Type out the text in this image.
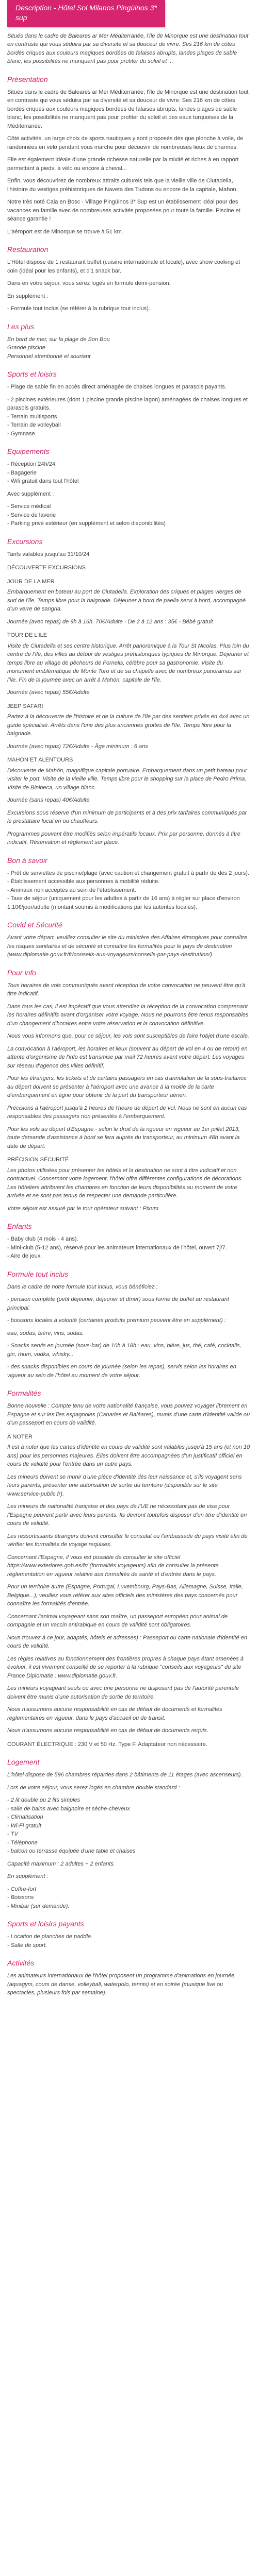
Description - Hôtel Sol Milanos Pingüinos 3*
sup

Situés dans le cadre de Baleares ar Mer Méditerranée, l'île de Minorque est une destination tout en contraste qui vous séduira par sa diversité et sa douceur de vivre. Ses 216 km de côtes bordés criques aux couleurs magiques bordées de falaises abrupts, landes plages de sable blanc, les possibilités ne manquent pas pour profiter du soleil et ...

Présentation

Situés dans le cadre de Baleares ar Mer Méditerranée, l'île de Minorque est une destination tout en contraste qui vous séduira par sa diversité et sa douceur de vivre. Ses 216 km de côtes bordés criques aux couleurs magiques bordées de falaises abrupts, landes plages de sable blanc, les possibilités ne manquent pas pour profiter du soleil et des eaux turquoises de la Méditerranée.

Côté activités, un large choix de sports nautiques y sont proposés dès que plonche à voile, de randonnées en vélo pendant vous marche pour découvrir de nombreuses lieux de charmes.

Elle est également idéale d'une grande richesse naturelle par la mixité et riches à en rapport permettant à pieds, à vélo ou encore à cheval...

Enfin, vous découvrirez de nombreux attraits culturels tels que la vieille ville de Ciutadella, l'histoire du vestiges préhistoriques de Naveta des Tudons ou encore de la capitale, Mahon.

Notre très noté Cala en Bosc - Village Pingüinos 3* Sup est un établissement idéal pour des vacances en famille avec de nombreuses activités proposées pour toute la famille. Piscine et séance garantie !

L'aéroport est de Minorque se trouve à 51 km.

Restauration

L'Hôtel dispose de 1 restaurant buffet (cuisine internationale et locale), avec show cooking et coin (idéal pour les enfants), et d'1 snack bar.

Dans en votre séjour, vous serez logés en formule demi-pension.

En supplément :

- Formule tout inclus (se référer à la rubrique tout inclus).

Les plus
En bord de mer, sur la plage de Son Bou
Grande piscine
Personnel attentionné et souriant
Sports et loisirs

- Plage de sable fin en accès direct aménagée de chaises longues et parasols payants.

- 2 piscines extérieures (dont 1 piscine grande piscine lagon) aménagées de chaises longues et parasols gratuits.
- Terrain multisports
- Terrain de volleyball
- Gymnase
Equipements
- Réception 24h/24
- Bagagerie
- Wifi gratuit dans tout l'hôtel

Avec supplément :

- Service médical
- Service de laverie
- Parking privé extérieur (en supplément et selon disponibilités)
Excursions

Tarifs valables jusqu'au 31/10/24

DÉCOUVERTE EXCURSIONS

JOUR DE LA MER

Embarquement en bateau au port de Ciutadella. Exploration des criques et plages vierges de sud de l'île. Temps libre pour la baignade. Déjeuner à bord de paella servi à bord, accompagné d'un verre de sangria.

Journée (avec repas) de 9h à 16h. 70€/Adulte - De 2 à 12 ans : 35€ - Bébé gratuit

TOUR DE L'ILE

Visite de Ciutadella et ses centre historique. Arrêt panoramique à la Tour St Nicolas. Plus loin du centre de l'île, des villes au détour de vestiges préhistoriques typiques de Minorque. Déjeuner et temps libre au village de pêcheurs de Fornells, célèbre pour sa gastronomie. Visite du monument emblématique de Monte Toro et de sa chapelle avec de nombreux panoramas sur l'île. Fin de la journée avec un arrêt à Mahón, capitale de l'île.

Journée (avec repas) 55€/Adulte

JEEP SAFARI

Partez à la découverte de l'histoire et de la culture de l'île par des sentiers privés en 4x4 avec un guide spécialisé. Arrêts dans l'une des plus anciennes grottes de l'île. Temps libre pour la baignade.

Journée (avec repas) 72€/Adulte - Âge minimum : 6 ans

MAHON ET ALENTOURS

Découverte de Mahón, magnifique capitale portuaire. Embarquement dans un petit bateau pour visiter le port. Visite de la vieille ville. Temps libre pour le shopping sur la place de Pedro Prima. Visite de Binibeca, un village blanc.

Journée (sans repas) 40€/Adulte

Excursions sous réserve d'un minimum de participants et à des prix tarifaires communiqués par le prestataire local en ou chauffeurs.

Programmes pouvant être modifiés selon impératifs locaux. Prix par personne, donnés à titre indicatif. Réservation et règlement sur place.

Bon à savoir
- Prêt de serviettes de piscine/plage (avec caution et changement gratuit à partir de dès 2 jours).
- Établissement accessible aux personnes à mobilité réduite.
- Animaux non acceptés au sein de l'établissement.
- Taxe de séjour (uniquement pour les adultes à partir de 16 ans) à régler sur place d'environ 1,10€/jour/adulte (montant soumis à modifications par les autorités locales).
Covid et Sécurité

Avant votre départ, veuillez consulter le site du ministère des Affaires étrangères pour connaître les risques sanitaires et de sécurité et connaître les formalités pour le pays de destination (www.diplomatie.gouv.fr/fr/conseils-aux-voyageurs/conseils-par-pays-destination/)

Pour info

Tous horaires de vols communiqués avant réception de votre convocation ne peuvent être qu'à titre indicatif.

Dans tous les cas, il est impératif que vous attendiez la réception de la convocation comprenant les horaires définitifs avant d'organiser votre voyage. Nous ne pourrons être tenus responsables d'un changement d'horaires entre votre réservation et la convocation définitive.

Nous vous informons que, pour ce séjour, les vols sont susceptibles de faire l'objet d'une escale.

La convocation à l'aéroport, les horaires et lieux (souvent au départ de vol en 4 ou de retour) en attente d'organisme de l'info est transmise par mail 72 heures avant votre départ. Les voyages sur réseau d'agence des villes définitif.

Pour les étrangers, les tickets et de certains passagers en cas d'annulation de la sous-traitance au départ doivent se présenter à l'aéroport avec une avance à la moitié de la carte d'embarquement en ligne pour obtenir de la part du transporteur aérien.

Précisions à l'aéroport jusqu'à 2 heures de l'heure de départ de vol. Nous ne sont en aucun cas responsables des passagers non présentés à l'embarquement.

Pour les vols au départ d'Espagne - selon le droit de la rigueur en vigueur au 1er juillet 2013, toute demande d'assistance à bord se fera auprès du transporteur, au minimum 48h avant la date de départ.

PRÉCISION SÉCURITÉ

Les photos utilisées pour présenter les hôtels et la destination ne sont à titre indicatif et non contractuel. Concernant votre logement, l'hôtel offre différentes configurations de décorations. Les hôteliers attribuent les chambres en fonction de leurs disponibilités au moment de votre arrivée et ne sont pas tenus de respecter une demande particulière.

Votre séjour est assuré par le tour opérateur suivant : Pixum

Enfants
- Baby club (4 mois - 4 ans).
- Mini-club (5-12 ans), réservé pour les animateurs internationaux de l'hôtel, ouvert 7j/7.
- Aire de jeux.
Formule tout inclus

Dans le cadre de notre formule tout inclus, vous bénéficiez :

- pension complète (petit déjeuner, déjeuner et dîner) sous forme de buffet au restaurant principal.

- boissons locales à volonté (certaines produits premium peuvent être en supplément) :

eau, sodas, bière, vins, sodas.

- Snacks servis en journée (sous-bar) de 10h à 18h : eau, vins, bière, jus, thé, café, cocktails, gin, rhum, vodka, whisky...

- des snacks disponibles en cours de journée (selon les repas), servis selon les horaires en vigueur au sein de l'hôtel au moment de votre séjour.

Formalités

Bonne nouvelle : Compte tenu de votre nationalité française, vous pouvez voyager librement en Espagne et sur les îles espagnoles (Canaries et Baléares), munis d'une carte d'identité valide ou d'un passeport en cours de validité.

À NOTER

Il est à noter que les cartes d'identité en cours de validité sont valables jusqu'à 15 ans (et non 10 ans) pour les personnes majeures. Elles doivent être accompagnées d'un justificatif officiel en cours de validité pour l'entrée dans un autre pays.

Les mineurs doivent se munir d'une pièce d'identité dès leur naissance et, s'ils voyagent sans leurs parents, présenter une autorisation de sortie du territoire (disponible sur le site www.service-public.fr).

Les mineurs de nationalité française et des pays de l'UE ne nécessitant pas de visa pour l'Espagne peuvent partir avec leurs parents. Ils devront toutefois disposer d'un titre d'identité en cours de validité.

Les ressortissants étrangers doivent consulter le consulat ou l'ambassade du pays visité afin de vérifier les formalités de voyage requises.

Concernant l'Espagne, il vous est possible de consulter le site officiel https://www.exteriores.gob.es/fr/ (formalités voyageurs) afin de consulter la présente réglementation en vigueur relative aux formalités de santé et d'entrée dans le pays.

Pour un territoire autre (Espagne, Portugal, Luxembourg, Pays-Bas, Allemagne, Suisse, Italie, Belgique...), veuillez vous référer aux sites officiels des ministères des pays concernés pour connaître les formalités d'entrée.

Concernant l'animal voyageant sans son maître, un passeport européen pour animal de compagnie et un vaccin antirabique en cours de validité sont obligatoires.

Nous trouvez à ce jour, adaptés, hôtels et adresses) : Passeport ou carte nationale d'identité en cours de validité.

Les règles relatives au fonctionnement des frontières propres à chaque pays étant amenées à évoluer, il est vivement conseillé de se reporter à la rubrique "conseils aux voyageurs" du site France Diplomatie : www.diplomatie.gouv.fr.

Les mineurs voyageant seuls ou avec une personne ne disposant pas de l'autorité parentale doivent être munis d'une autorisation de sortie de territoire.

Nous n'assumons aucune responsabilité en cas de défaut de documents et formalités réglementaires en vigueur, dans le pays d'accueil ou de transit.

Nous n'assumons aucune responsabilité en cas de défaut de documents requis.

COURANT ÉLECTRIQUE : 230 V et 50 Hz. Type F. Adaptateur non nécessaire.

Logement

L'hôtel dispose de 596 chambres réparties dans 2 bâtiments de 11 étages (avec ascenseurs).

Lors de votre séjour, vous serez logés en chambre double standard :

- 2 lit double ou 2 lits simples
- salle de bains avec baignoire et sèche-cheveux
- Climatisation
- Wi-Fi gratuit
- TV
- Téléphone
- balcon ou terrasse équipée d'une table et chaises

Capacité maximum : 2 adultes + 2 enfants.

En supplément :

- Coffre-fort
- Boissons
- Minibar (sur demande).
Sports et loisirs payants
- Location de planches de paddle.
- Salle de sport.
Activités

Les animateurs internationaux de l'hôtel proposent un programme d'animations en journée (aquagym, cours de danse, volleyball, waterpolo, tennis) et en soirée (musique live ou spectacles, plusieurs fois par semaine).
